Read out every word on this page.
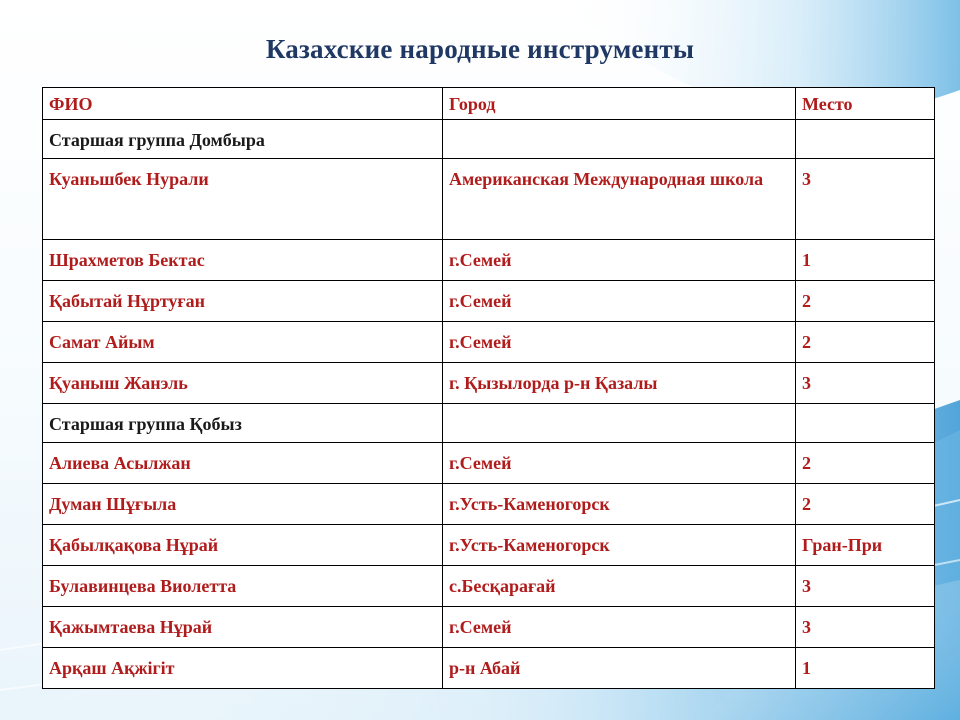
Казахские народные инструменты
ФИО	Город	Место
Старшая группа Домбыра		
Куаньшбек Нурали	Американская Международная школа	3
Шрахметов Бектас	г.Семей	1
Қабытай Нұртуған	г.Семей	2
Самат Айым	г.Семей	2
Қуаныш Жанэль	г. Қызылорда р-н Қазалы	3
Старшая группа Қобыз		
Алиева Асылжан	г.Семей	2
Думан Шұғыла	г.Усть-Каменогорск	2
Қабылқақова Нұрай	г.Усть-Каменогорск	Гран-При
Булавинцева Виолетта	с.Бесқарағай	3
Қажымтаева Нұрай	г.Семей	3
Арқаш Ақжігіт	р-н Абай	1
